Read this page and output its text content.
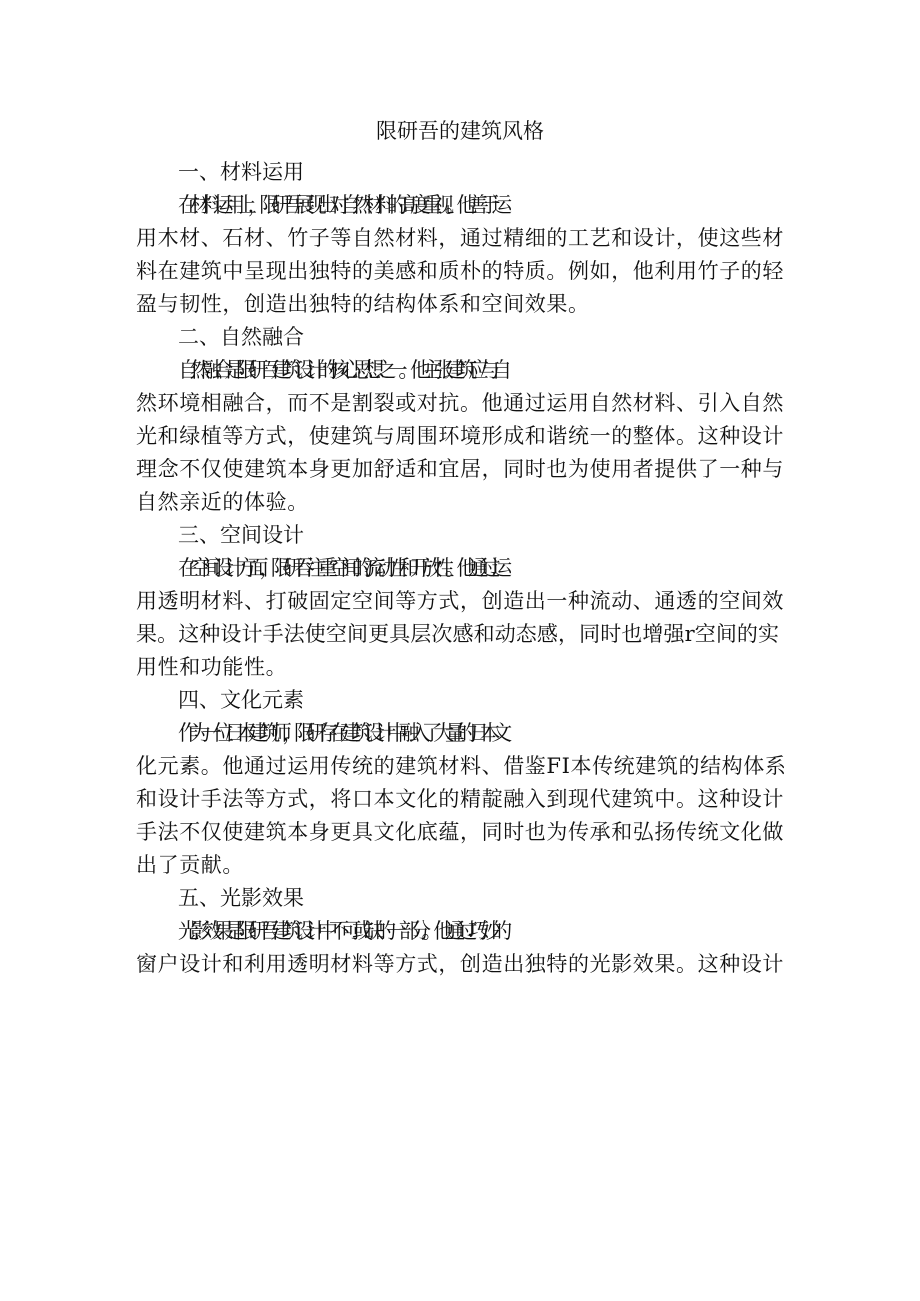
限研吾的建筑风格
一、材料运用
在材料运用上，限研吾展现出对自然材料的高度重视。他善于运
用木材、石材、竹子等自然材料，通过精细的工艺和设计，使这些材
料在建筑中呈现出独特的美感和质朴的特质。例如，他利用竹子的轻
盈与韧性，创造出独特的结构体系和空间效果。
二、自然融合
自然融合是限研百建筑设计的核心思想之一。他主张建筑应与自
然环境相融合，而不是割裂或对抗。他通过运用自然材料、引入自然
光和绿植等方式，使建筑与周围环境形成和谐统一的整体。这种设计
理念不仅使建筑本身更加舒适和宜居，同时也为使用者提供了一种与
自然亲近的体验。
三、空间设计
在空间设计方面，限研吞注重空间的流动性和开放性。他通过运
用透明材料、打破固定空间等方式，创造出一种流动、通透的空间效
果。这种设计手法使空间更具层次感和动态感，同时也增强r空间的实
用性和功能性。
四、文化元素
作为一位日本建筑师，限研存在建筑设计中融入了大量的日本文
化元素。他通过运用传统的建筑材料、借鉴FI本传统建筑的结构体系
和设计手法等方式，将口本文化的精靛融入到现代建筑中。这种设计
手法不仅使建筑本身更具文化底蕴，同时也为传承和弘扬传统文化做
出了贡献。
五、光影效果
光影效果是限研吾建筑设计中不可或缺的一部分。他通过巧妙的
窗户设计和利用透明材料等方式，创造出独特的光影效果。这种设计
